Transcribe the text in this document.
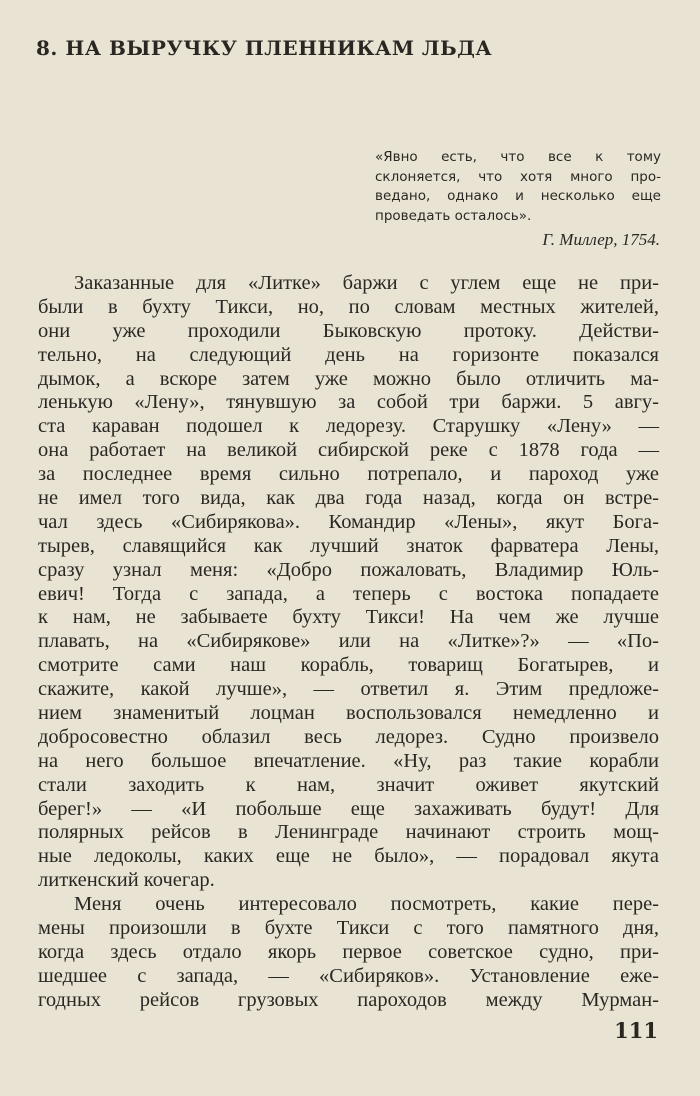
8. НА ВЫРУЧКУ ПЛЕННИКАМ ЛЬДА
«Явно есть, что все к тому
склоняется, что хотя много про-
ведано, однако и несколько еще
проведать осталось».
Г. Миллер, 1754.
Заказанные для «Литке» баржи с углем еще не при-
были в бухту Тикси, но, по словам местных жителей,
они уже проходили Быковскую протоку. Действи-
тельно, на следующий день на горизонте показался
дымок, а вскоре затем уже можно было отличить ма-
ленькую «Лену», тянувшую за собой три баржи. 5 авгу-
ста караван подошел к ледорезу. Старушку «Лену» —
она работает на великой сибирской реке с 1878 года —
за последнее время сильно потрепало, и пароход уже
не имел того вида, как два года назад, когда он встре-
чал здесь «Сибирякова». Командир «Лены», якут Бога-
тырев, славящийся как лучший знаток фарватера Лены,
сразу узнал меня: «Добро пожаловать, Владимир Юль-
евич! Тогда с запада, а теперь с востока попадаете
к нам, не забываете бухту Тикси! На чем же лучше
плавать, на «Сибирякове» или на «Литке»?» — «По-
смотрите сами наш корабль, товарищ Богатырев, и
скажите, какой лучше», — ответил я. Этим предложе-
нием знаменитый лоцман воспользовался немедленно и
добросовестно облазил весь ледорез. Судно произвело
на него большое впечатление. «Ну, раз такие корабли
стали заходить к нам, значит оживет якутский
берег!» — «И побольше еще захаживать будут! Для
полярных рейсов в Ленинграде начинают строить мощ-
ные ледоколы, каких еще не было», — порадовал якута
литкенский кочегар.
Меня очень интересовало посмотреть, какие пере-
мены произошли в бухте Тикси с того памятного дня,
когда здесь отдало якорь первое советское судно, при-
шедшее с запада, — «Сибиряков». Установление еже-
годных рейсов грузовых пароходов между Мурман-
111
